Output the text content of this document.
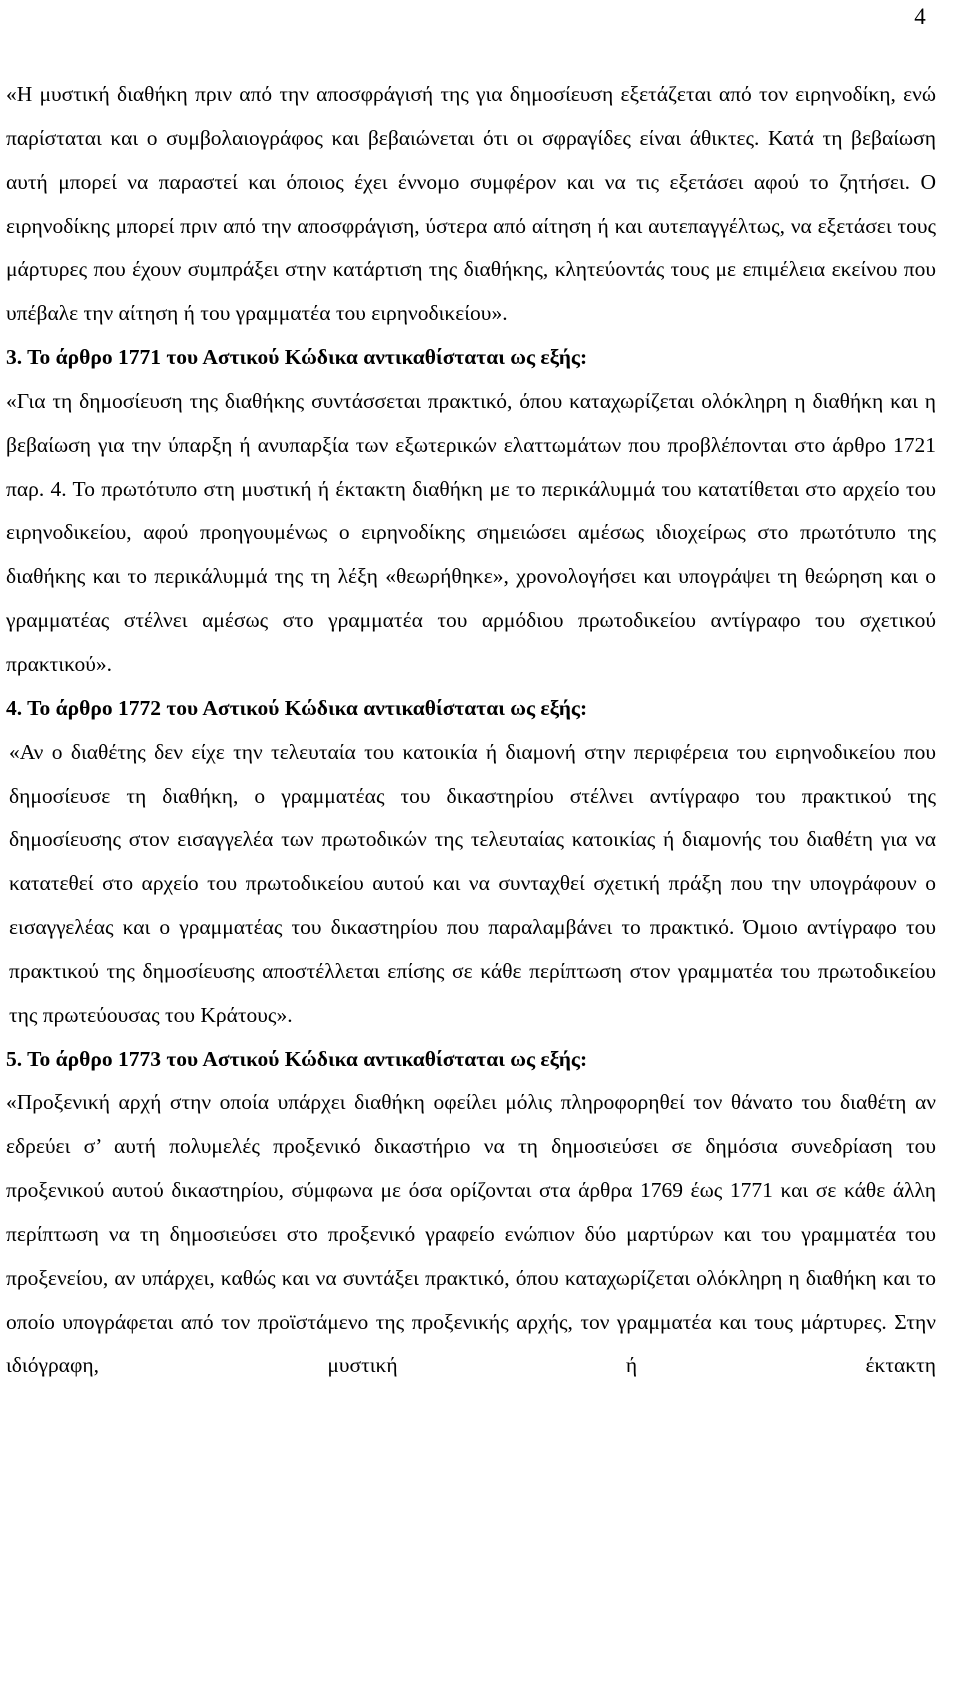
4

«Η μυστική διαθήκη πριν από την αποσφράγισή της για δημοσίευση εξετάζεται από τον ειρηνοδίκη, ενώ παρίσταται και ο συμβολαιογράφος και βεβαιώνεται ότι οι σφραγίδες είναι άθικτες. Κατά τη βεβαίωση αυτή μπορεί να παραστεί και όποιος έχει έννομο συμφέρον και να τις εξετάσει αφού το ζητήσει. Ο ειρηνοδίκης μπορεί πριν από την αποσφράγιση, ύστερα από αίτηση ή και αυτεπαγγέλτως, να εξετάσει τους μάρτυρες που έχουν συμπράξει στην κατάρτιση της διαθήκης, κλητεύοντάς τους με επιμέλεια εκείνου που υπέβαλε την αίτηση ή του γραμματέα του ειρηνοδικείου».

3. Το άρθρο 1771 του Αστικού Κώδικα αντικαθίσταται ως εξής:

«Για τη δημοσίευση της διαθήκης συντάσσεται πρακτικό, όπου καταχωρίζεται ολόκληρη η διαθήκη και η βεβαίωση για την ύπαρξη ή ανυπαρξία των εξωτερικών ελαττωμάτων που προβλέπονται στο άρθρο 1721 παρ. 4. Το πρωτότυπο στη μυστική ή έκτακτη διαθήκη με το περικάλυμμά του κατατίθεται στο αρχείο του ειρηνοδικείου, αφού προηγουμένως ο ειρηνοδίκης σημειώσει αμέσως ιδιοχείρως στο πρωτότυπο της διαθήκης και το περικάλυμμά της τη λέξη «θεωρήθηκε», χρονολογήσει και υπογράψει τη θεώρηση και ο γραμματέας στέλνει αμέσως στο γραμματέα του αρμόδιου πρωτοδικείου αντίγραφο του σχετικού πρακτικού».

4. Το άρθρο 1772 του Αστικού Κώδικα αντικαθίσταται ως εξής:

«Αν ο διαθέτης δεν είχε την τελευταία του κατοικία ή διαμονή στην περιφέρεια του ειρηνοδικείου που δημοσίευσε τη διαθήκη, ο γραμματέας του δικαστηρίου στέλνει αντίγραφο του πρακτικού της δημοσίευσης στον εισαγγελέα των πρωτοδικών της τελευταίας κατοικίας ή διαμονής του διαθέτη για να κατατεθεί στο αρχείο του πρωτοδικείου αυτού και να συνταχθεί σχετική πράξη που την υπογράφουν ο εισαγγελέας και ο γραμματέας του δικαστηρίου που παραλαμβάνει το πρακτικό. Όμοιο αντίγραφο του πρακτικού της δημοσίευσης αποστέλλεται επίσης σε κάθε περίπτωση στον γραμματέα του πρωτοδικείου της πρωτεύουσας του Κράτους».

5. Το άρθρο 1773 του Αστικού Κώδικα αντικαθίσταται ως εξής:

«Προξενική αρχή στην οποία υπάρχει διαθήκη οφείλει μόλις πληροφορηθεί τον θάνατο του διαθέτη αν εδρεύει σ’ αυτή πολυμελές προξενικό δικαστήριο να τη δημοσιεύσει σε δημόσια συνεδρίαση του προξενικού αυτού δικαστηρίου, σύμφωνα με όσα ορίζονται στα άρθρα 1769 έως 1771 και σε κάθε άλλη περίπτωση να τη δημοσιεύσει στο προξενικό γραφείο ενώπιον δύο μαρτύρων και του γραμματέα του προξενείου, αν υπάρχει, καθώς και να συντάξει πρακτικό, όπου καταχωρίζεται ολόκληρη η διαθήκη και το οποίο υπογράφεται από τον προϊστάμενο της προξενικής αρχής, τον γραμματέα και τους μάρτυρες. Στην ιδιόγραφη, μυστική ή έκτακτη
